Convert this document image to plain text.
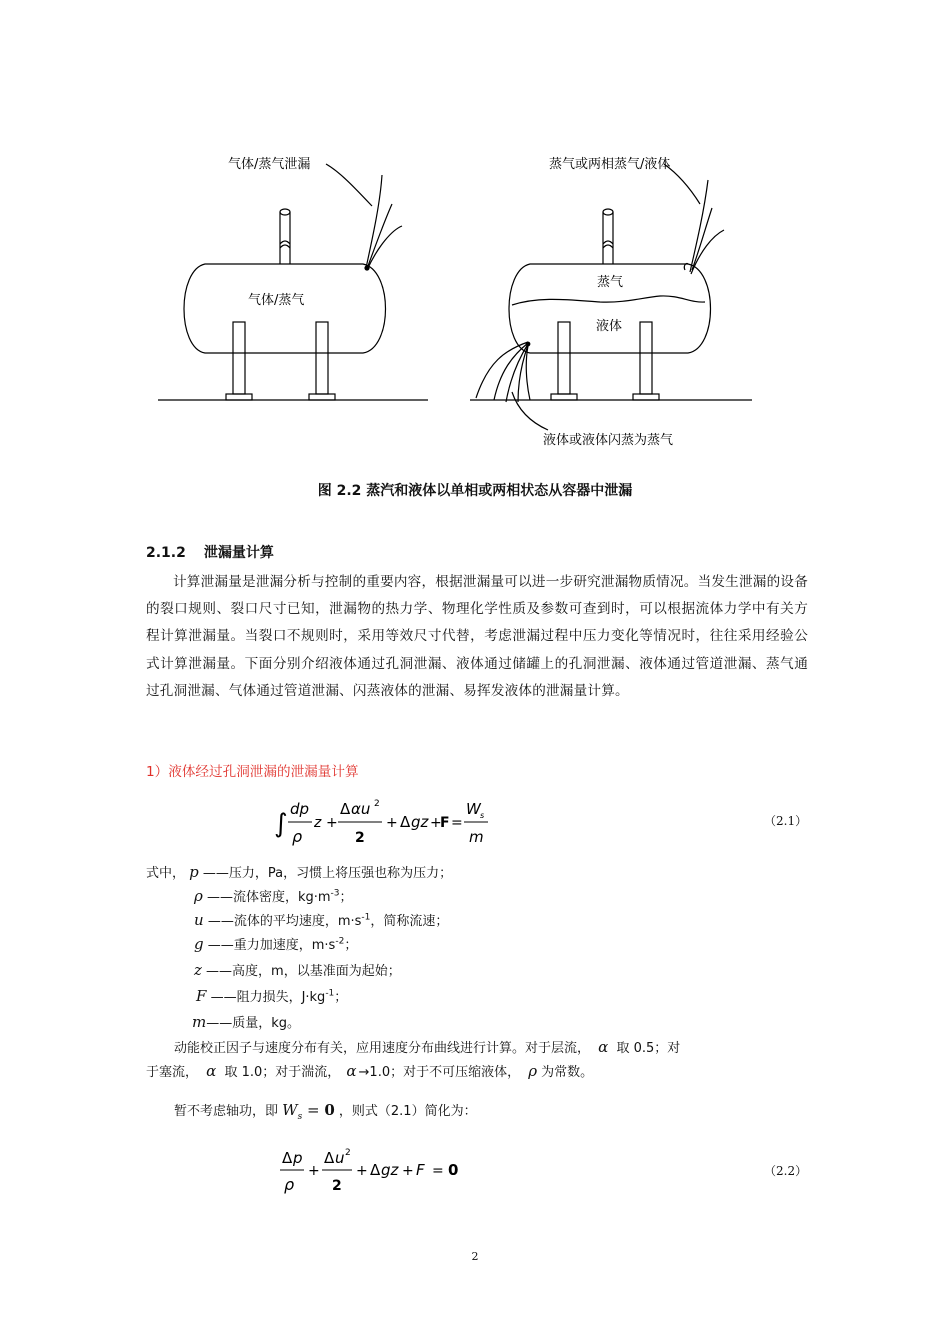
气体/蒸气泄漏
气体/蒸气
蒸气或两相蒸气/液体
蒸气
液体
液体或液体闪蒸为蒸气
图 2.2 蒸汽和液体以单相或两相状态从容器中泄漏
2.1.2 泄漏量计算
计算泄漏量是泄漏分析与控制的重要内容，根据泄漏量可以进一步研究泄漏物质情况。当发生泄漏的设备的裂口规则、裂口尺寸已知，泄漏物的热力学、物理化学性质及参数可查到时，可以根据流体力学中有关方程计算泄漏量。当裂口不规则时，采用等效尺寸代替，考虑泄漏过程中压力变化等情况时，往往采用经验公式计算泄漏量。下面分别介绍液体通过孔洞泄漏、液体通过储罐上的孔洞泄漏、液体通过管道泄漏、蒸气通过孔洞泄漏、气体通过管道泄漏、闪蒸液体的泄漏、易挥发液体的泄漏量计算。
1）液体经过孔洞泄漏的泄漏量计算
∫ dp
ρ
z +
Δ αu 2
2
+ Δ gz +
F =
W s
m
（2.1）
式中， p ——压力，Pa，习惯上将压强也称为压力；
ρ ——流体密度，$kg\cdot m^{-3}$；
u ——流体的平均速度，$m\cdot s^{-1}$，简称流速；
g ——重力加速度，$m\cdot s^{-2}$；
z ——高度，m，以基准面为起始；
F ——阻力损失，$J\cdot kg^{-1}$；
m——质量，kg。
动能校正因子与速度分布有关，应用速度分布曲线进行计算。对于层流， α 取 0.5；对
于塞流， α 取 1.0；对于湍流， α →1.0；对于不可压缩液体， ρ 为常数。
暂不考虑轴功，即 $W_s = 0$ ，则式（2.1）简化为：
Δ p
ρ
+
Δ u 2
2
+ Δ gz + F = 0	（2.2）
2
